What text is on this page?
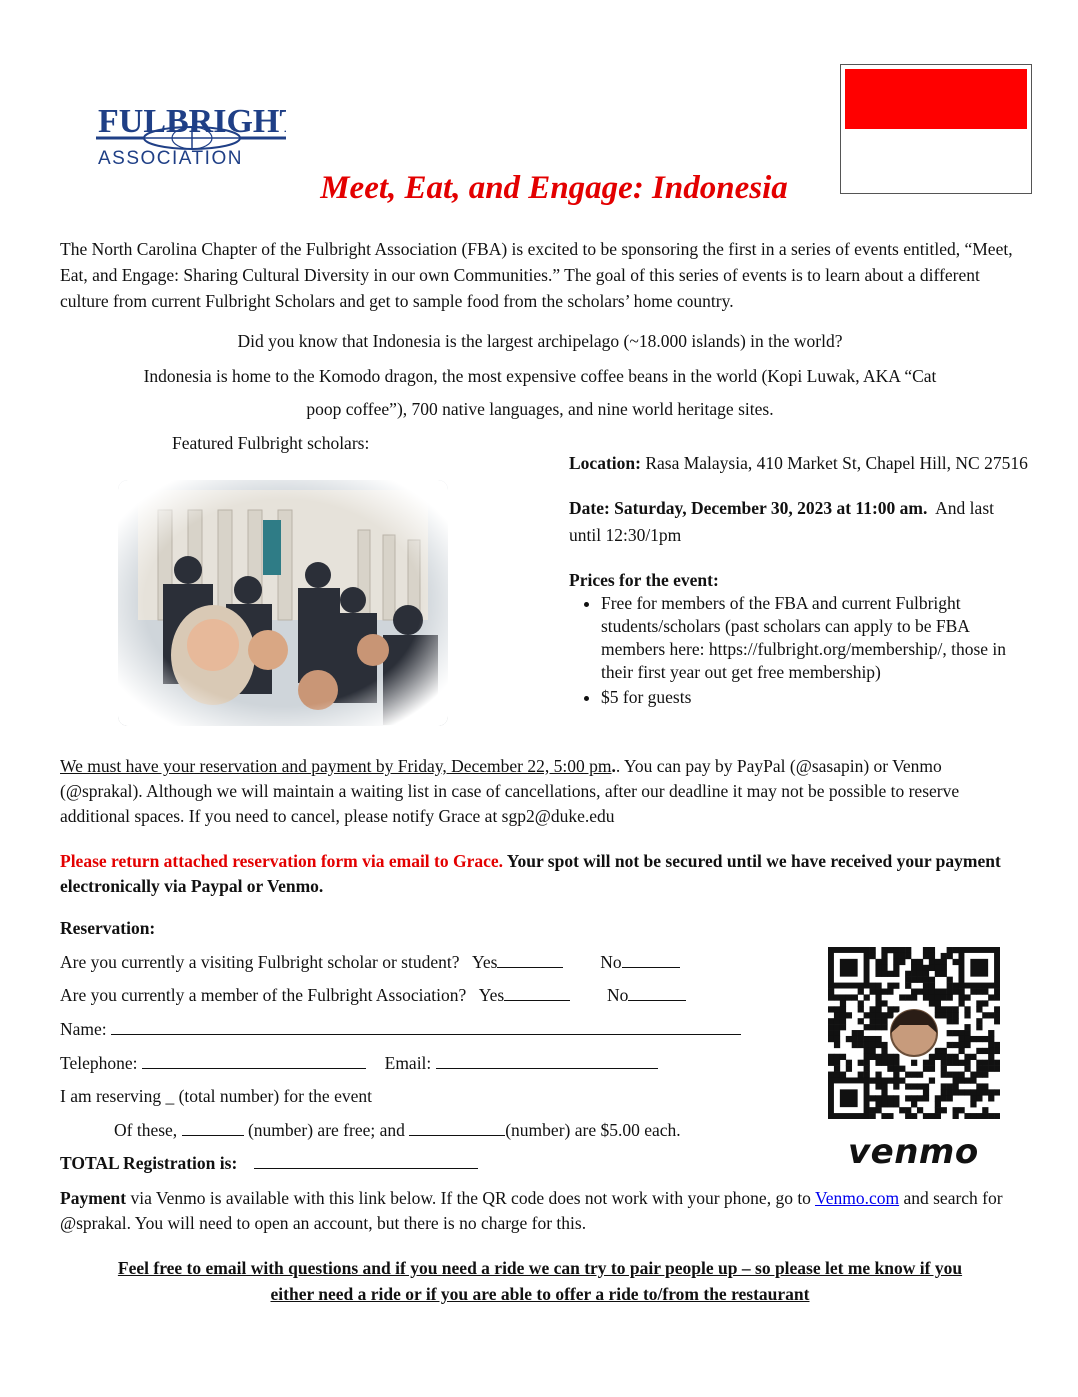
FULBRIGHT
ASSOCIATION
Meet, Eat, and Engage: Indonesia
The North Carolina Chapter of the Fulbright Association (FBA) is excited to be sponsoring the first in a series of events entitled, “Meet, Eat, and Engage: Sharing Cultural Diversity in our own Communities.” The goal of this series of events is to learn about a different culture from current Fulbright Scholars and get to sample food from the scholars’ home country.
Did you know that Indonesia is the largest archipelago (~18.000 islands) in the world?
Indonesia is home to the Komodo dragon, the most expensive coffee beans in the world (Kopi Luwak, AKA “Cat
poop coffee”), 700 native languages, and nine world heritage sites.
Featured Fulbright scholars:

Location: Rasa Malaysia, 410 Market St, Chapel Hill, NC 27516

Date: Saturday, December 30, 2023 at 11:00 am. And last until 12:30/1pm

Prices for the event:

• Free for members of the FBA and current Fulbright students/scholars (past scholars can apply to be FBA members here: https://fulbright.org/membership/, those in their first year out get free membership)
• $5 for guests
We must have your reservation and payment by Friday, December 22, 5:00 pm.. You can pay by PayPal (@sasapin) or Venmo (@sprakal). Although we will maintain a waiting list in case of cancellations, after our deadline it may not be possible to reserve additional spaces. If you need to cancel, please notify Grace at sgp2@duke.edu
Please return attached reservation form via email to Grace. Your spot will not be secured until we have received your payment electronically via Paypal or Venmo.
Reservation:
Are you currently a visiting Fulbright scholar or student? Yes	No
Are you currently a member of the Fulbright Association? Yes	No
Name:
Telephone:	Email:
I am reserving _ (total number) for the event
Of these,	(number) are free; and	(number) are $5.00 each.
TOTAL Registration is:	venmo
Payment via Venmo is available with this link below. If the QR code does not work with your phone, go to Venmo.com and search for @sprakal. You will need to open an account, but there is no charge for this.
Feel free to email with questions and if you need a ride we can try to pair people up – so please let me know if you
either need a ride or if you are able to offer a ride to/from the restaurant
